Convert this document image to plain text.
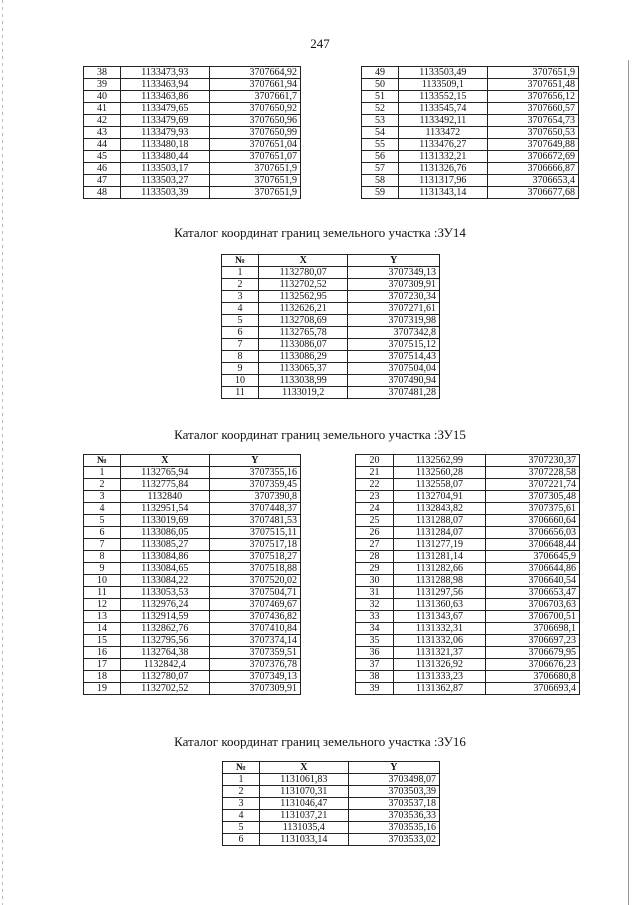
247
38	1133473,93	3707664,92
39	1133463,94	3707661,94
40	1133463,86	3707661,7
41	1133479,65	3707650,92
42	1133479,69	3707650,96
43	1133479,93	3707650,99
44	1133480,18	3707651,04
45	1133480,44	3707651,07
46	1133503,17	3707651,9
47	1133503,27	3707651,9
48	1133503,39	3707651,9
49	1133503,49	3707651,9
50	1133509,1	3707651,48
51	1133552,15	3707656,12
52	1133545,74	3707660,57
53	1133492,11	3707654,73
54	1133472	3707650,53
55	1133476,27	3707649,88
56	1131332,21	3706672,69
57	1131326,76	3706666,87
58	1131317,96	3706653,4
59	1131343,14	3706677,68
Каталог координат границ земельного участка :ЗУ14
№	X	Y
1	1132780,07	3707349,13
2	1132702,52	3707309,91
3	1132562,95	3707230,34
4	1132626,21	3707271,61
5	1132708,69	3707319,98
6	1132765,78	3707342,8
7	1133086,07	3707515,12
8	1133086,29	3707514,43
9	1133065,37	3707504,04
10	1133038,99	3707490,94
11	1133019,2	3707481,28
Каталог координат границ земельного участка :ЗУ15
№	X	Y
1	1132765,94	3707355,16
2	1132775,84	3707359,45
3	1132840	3707390,8
4	1132951,54	3707448,37
5	1133019,69	3707481,53
6	1133086,05	3707515,11
7	1133085,27	3707517,18
8	1133084,86	3707518,27
9	1133084,65	3707518,88
10	1133084,22	3707520,02
11	1133053,53	3707504,71
12	1132976,24	3707469,67
13	1132914,59	3707436,82
14	1132862,76	3707410,84
15	1132795,56	3707374,14
16	1132764,38	3707359,51
17	1132842,4	3707376,78
18	1132780,07	3707349,13
19	1132702,52	3707309,91
20	1132562,99	3707230,37
21	1132560,28	3707228,58
22	1132558,07	3707221,74
23	1132704,91	3707305,48
24	1132843,82	3707375,61
25	1131288,07	3706660,64
26	1131284,07	3706656,03
27	1131277,19	3706648,44
28	1131281,14	3706645,9
29	1131282,66	3706644,86
30	1131288,98	3706640,54
31	1131297,56	3706653,47
32	1131360,63	3706703,63
33	1131343,67	3706700,51
34	1131332,31	3706698,1
35	1131332,06	3706697,23
36	1131321,37	3706679,95
37	1131326,92	3706676,23
38	1131333,23	3706680,8
39	1131362,87	3706693,4
Каталог координат границ земельного участка :ЗУ16
№	X	Y
1	1131061,83	3703498,07
2	1131070,31	3703503,39
3	1131046,47	3703537,18
4	1131037,21	3703536,33
5	1131035,4	3703535,16
6	1131033,14	3703533,02
